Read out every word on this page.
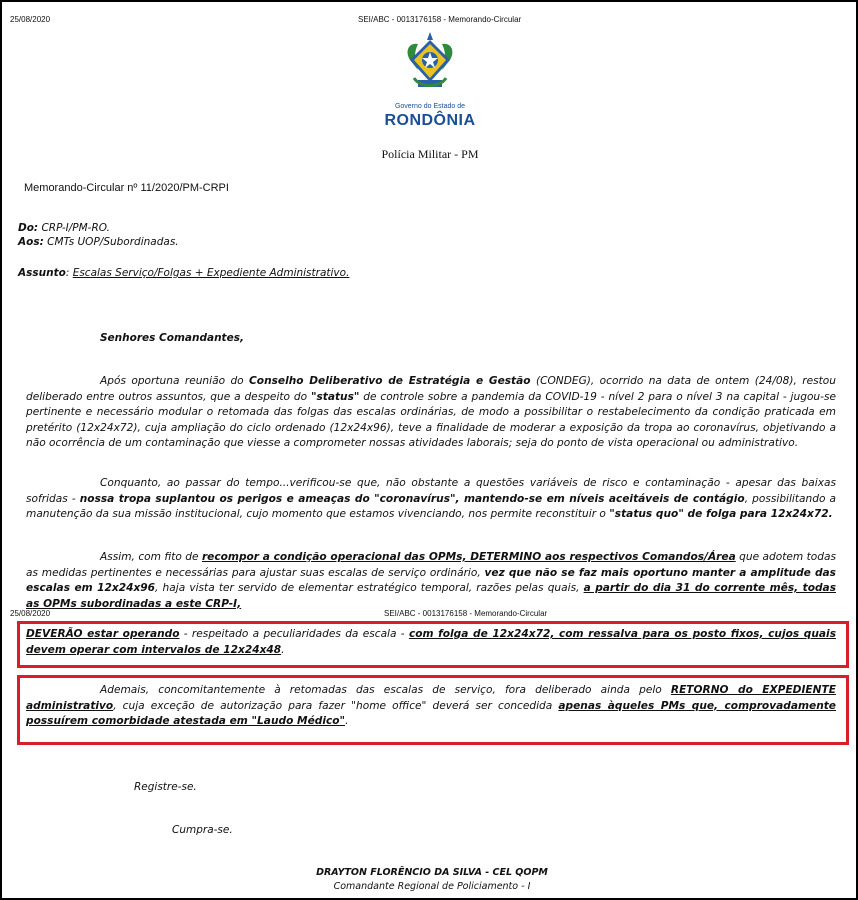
25/08/2020	SEI/ABC - 0013176158 - Memorando-Circular
Governo do Estado de
RONDÔNIA
Polícia Militar - PM
Memorando-Circular nº 11/2020/PM-CRPI
Do: CRP-I/PM-RO.
Aos: CMTs UOP/Subordinadas.
Assunto: Escalas Serviço/Folgas + Expediente Administrativo.
Senhores Comandantes,
Após oportuna reunião do Conselho Deliberativo de Estratégia e Gestão (CONDEG), ocorrido na data de ontem (24/08), restou deliberado entre outros assuntos, que a despeito do "status" de controle sobre a pandemia da COVID-19 - nível 2 para o nível 3 na capital - jugou-se pertinente e necessário modular o retomada das folgas das escalas ordinárias, de modo a possibilitar o restabelecimento da condição praticada em pretérito (12x24x72), cuja ampliação do ciclo ordenado (12x24x96), teve a finalidade de moderar a exposição da tropa ao coronavírus, objetivando a não ocorrência de um contaminação que viesse a comprometer nossas atividades laborais; seja do ponto de vista operacional ou administrativo.
Conquanto, ao passar do tempo...verificou-se que, não obstante a questões variáveis de risco e contaminação - apesar das baixas sofridas - nossa tropa suplantou os perigos e ameaças do "coronavírus", mantendo-se em níveis aceitáveis de contágio, possibilitando a manutenção da sua missão institucional, cujo momento que estamos vivenciando, nos permite reconstituir o "status quo" de folga para 12x24x72.
Assim, com fito de recompor a condição operacional das OPMs, DETERMINO aos respectivos Comandos/Área que adotem todas as medidas pertinentes e necessárias para ajustar suas escalas de serviço ordinário, vez que não se faz mais oportuno manter a amplitude das escalas em 12x24x96, haja vista ter servido de elementar estratégico temporal, razões pelas quais, a partir do dia 31 do corrente mês, todas as OPMs subordinadas a este CRP-I,
25/08/2020	SEI/ABC - 0013176158 - Memorando-Circular
DEVERÃO estar operando - respeitado a peculiaridades da escala - com folga de 12x24x72, com ressalva para os posto fixos, cujos quais devem operar com intervalos de 12x24x48.
Ademais, concomitantemente à retomadas das escalas de serviço, fora deliberado ainda pelo RETORNO do EXPEDIENTE administrativo, cuja exceção de autorização para fazer "home office" deverá ser concedida apenas àqueles PMs que, comprovadamente possuírem comorbidade atestada em "Laudo Médico".
Registre-se.
Cumpra-se.
DRAYTON FLORÊNCIO DA SILVA - CEL QOPM
Comandante Regional de Policiamento - I
